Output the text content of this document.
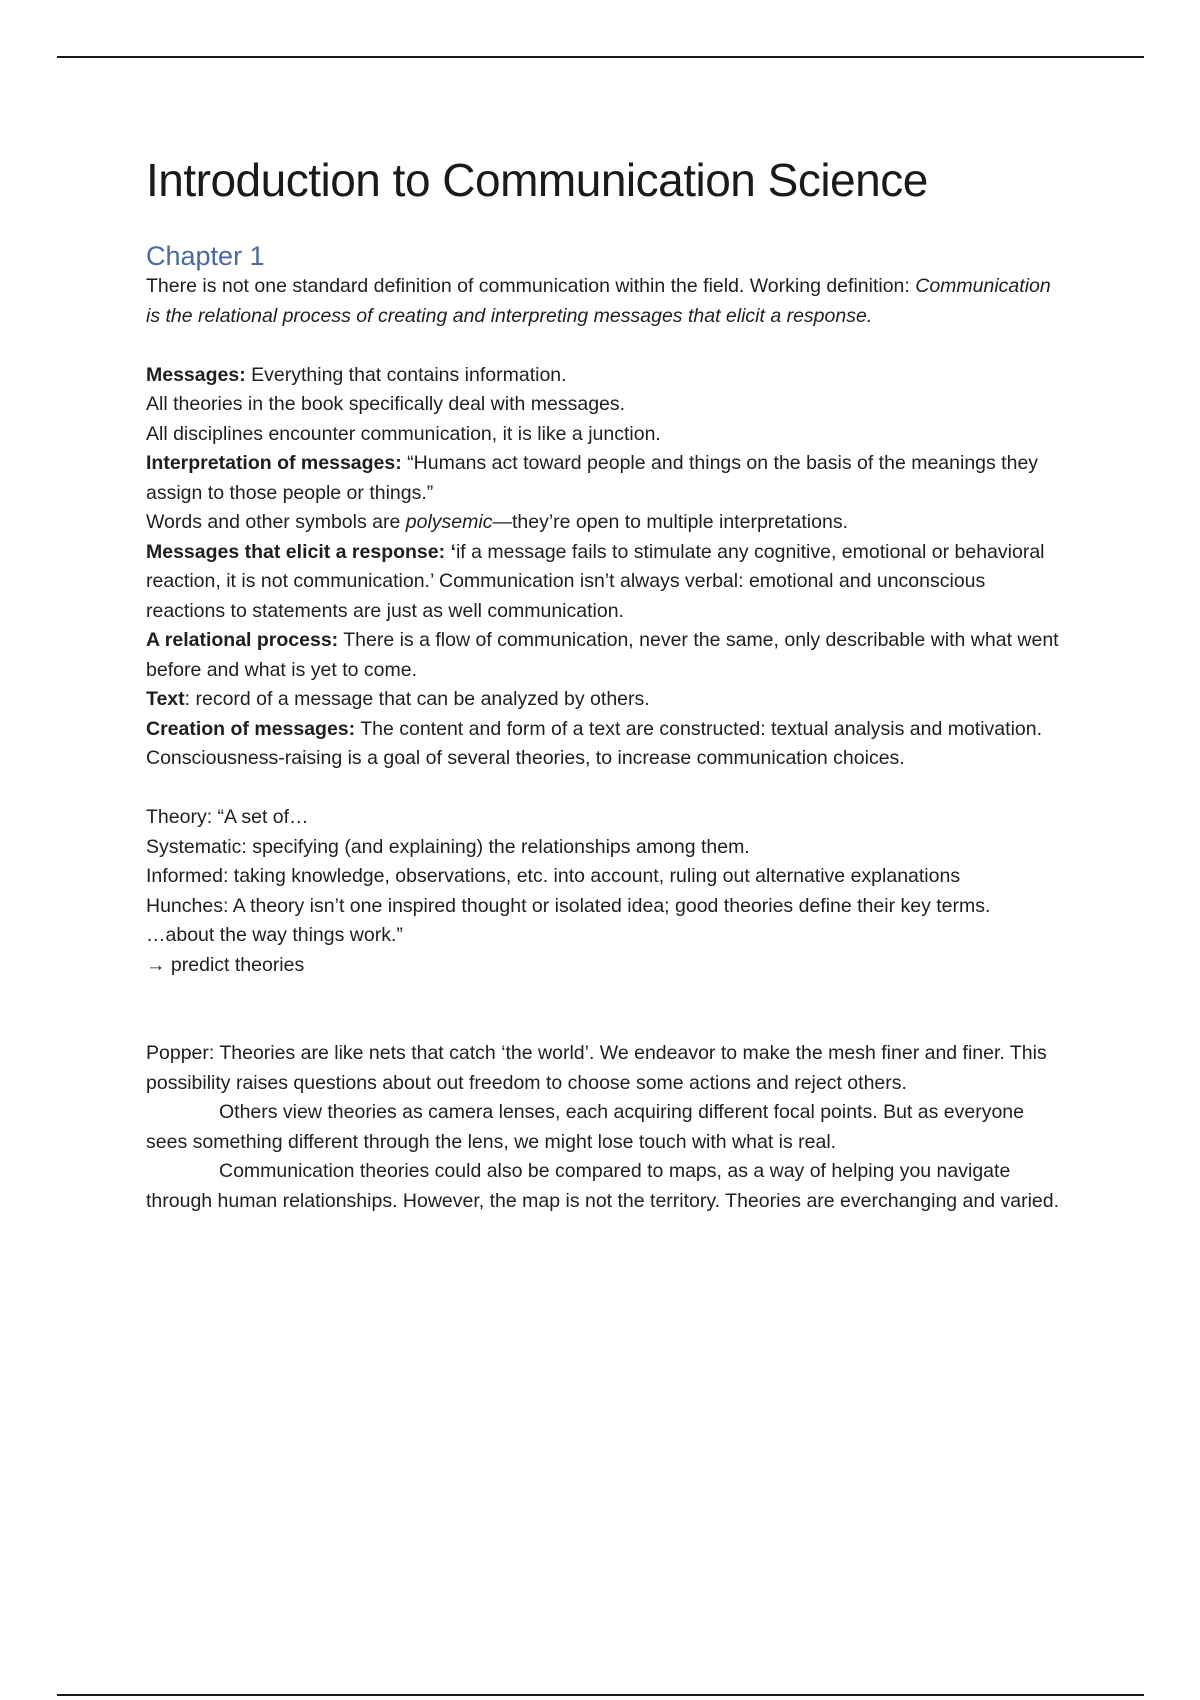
Introduction to Communication Science
Chapter 1

There is not one standard definition of communication within the field. Working definition: Communication is the relational process of creating and interpreting messages that elicit a response.

Messages: Everything that contains information.

All theories in the book specifically deal with messages.

All disciplines encounter communication, it is like a junction.

Interpretation of messages: “Humans act toward people and things on the basis of the meanings they assign to those people or things.”

Words and other symbols are polysemic—they’re open to multiple interpretations.

Messages that elicit a response: ‘if a message fails to stimulate any cognitive, emotional or behavioral reaction, it is not communication.’ Communication isn’t always verbal: emotional and unconscious reactions to statements are just as well communication.

A relational process: There is a flow of communication, never the same, only describable with what went before and what is yet to come.

Text: record of a message that can be analyzed by others.

Creation of messages: The content and form of a text are constructed: textual analysis and motivation. Consciousness-raising is a goal of several theories, to increase communication choices.

Theory: “A set of…

Systematic: specifying (and explaining) the relationships among them.

Informed: taking knowledge, observations, etc. into account, ruling out alternative explanations

Hunches: A theory isn’t one inspired thought or isolated idea; good theories define their key terms.

…about the way things work.”

→ predict theories

Popper: Theories are like nets that catch ‘the world’. We endeavor to make the mesh finer and finer. This possibility raises questions about out freedom to choose some actions and reject others.

Others view theories as camera lenses, each acquiring different focal points. But as everyone sees something different through the lens, we might lose touch with what is real.

Communication theories could also be compared to maps, as a way of helping you navigate through human relationships. However, the map is not the territory. Theories are everchanging and varied.
